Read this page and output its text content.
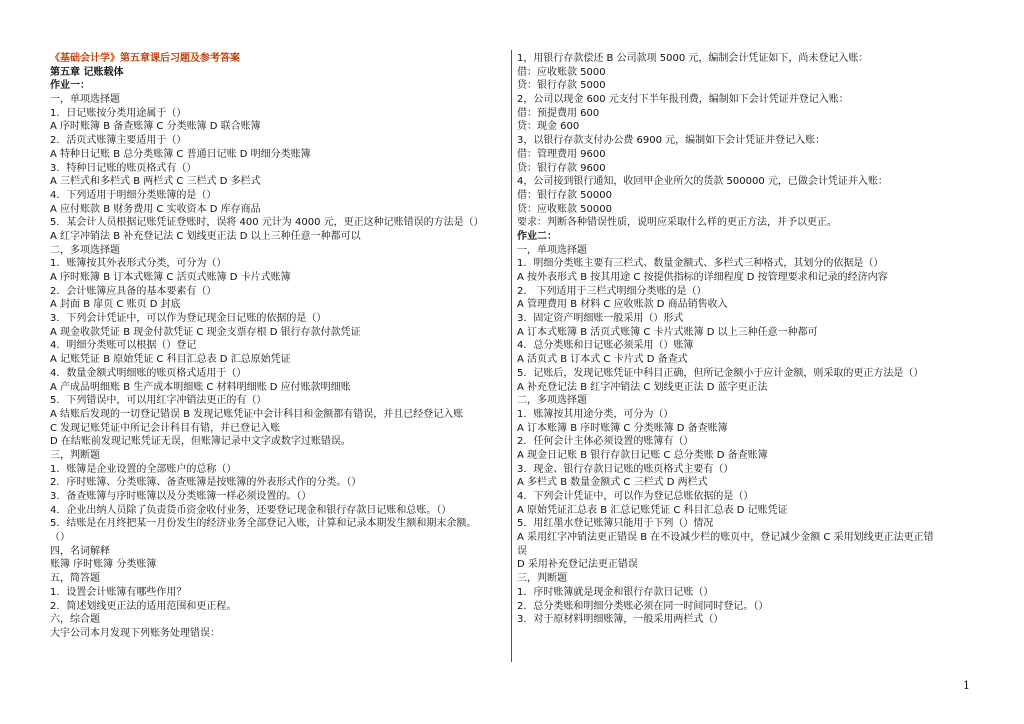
《基础会计学》第五章课后习题及参考答案
第五章 记账载体
作业一：
一，单项选择题
1．日记账按分类用途属于（）
A 序时账簿 B 备查账簿 C 分类账簿 D 联合账簿
2．活页式账簿主要适用于（）
A 特种日记账 B 总分类账簿 C 普通日记账 D 明细分类账簿
3．特种日记账的账页格式有（）
A 三栏式和多栏式 B 两栏式 C 三栏式 D 多栏式
4．下列适用于明细分类账簿的是（）
A 应付账款 B 财务费用 C 实收资本 D 库存商品
5．某会计人员根据记账凭证登账时，误将 400 元计为 4000 元，更正这种记账错误的方法是（）
A 红字冲销法 B 补充登记法 C 划线更正法 D 以上三种任意一种都可以
二，多项选择题
1．账簿按其外表形式分类，可分为（）
A 序时账簿 B 订本式账簿 C 活页式账簿 D 卡片式账簿
2．会计账簿应具备的基本要素有（）
A 封面 B 扉页 C 账页 D 封底
3．下列会计凭证中，可以作为登记现金日记账的依据的是（）
A 现金收款凭证 B 现金付款凭证 C 现金支票存根 D 银行存款付款凭证
4．明细分类账可以根据（）登记
A 记账凭证 B 原始凭证 C 科目汇总表 D 汇总原始凭证
4．数量金额式明细账的账页格式适用于（）
A 产成品明细账 B 生产成本明细账 C 材料明细账 D 应付账款明细账
5．下列错误中，可以用红字冲销法更正的有（）
A 结账后发现的一切登记错误 B 发现记账凭证中会计科目和金额都有错误，并且已经登记入账
C 发现记账凭证中所记会计科目有错，并已登记入账
D 在结账前发现记账凭证无误，但账簿记录中文字或数字过账错误。
三，判断题
1．账簿是企业设置的全部账户的总称（）
2．序时账簿、分类账簿、备查账簿是按账簿的外表形式作的分类。（）
3．备查账簿与序时账簿以及分类账簿一样必须设置的。（）
4．企业出纳人员除了负责货币资金收付业务，还要登记现金和银行存款日记账和总账。（）
5．结账是在月终把某一月份发生的经济业务全部登记入账，计算和记录本期发生额和期末余额。
（）
四，名词解释
账簿 序时账簿 分类账簿
五，简答题
1．设置会计账簿有哪些作用？
2．简述划线更正法的适用范围和更正程。
六，综合题
大宇公司本月发现下列账务处理错误：
1，用银行存款偿还 B 公司款项 5000 元，编制会计凭证如下，尚未登记入账：
借：应收账款 5000
贷：银行存款 5000
2，公司以现金 600 元支付下半年报刊费，编制如下会计凭证并登记入账：
借：预提费用 600
贷：现金 600
3，以银行存款支付办公费 6900 元，编制如下会计凭证并登记入账：
借：管理费用 9600
贷：银行存款 9600
4，公司接到银行通知，收回甲企业所欠的货款 500000 元，已做会计凭证并入账：
借：银行存款 50000
贷：应收账款 50000
要求：判断各种错误性质，说明应采取什么样的更正方法，并予以更正。
作业二：
一，单项选择题
1．明细分类账主要有三栏式、数量金额式、多栏式三种格式，其划分的依据是（）
A 按外表形式 B 按其用途 C 按提供指标的详细程度 D 按管理要求和记录的经济内容
2． 下列适用于三栏式明细分类账的是（）
A 管理费用 B 材料 C 应收账款 D 商品销售收入
3．固定资产明细账一般采用（）形式
A 订本式账簿 B 活页式账簿 C 卡片式账簿 D 以上三种任意一种都可
4．总分类账和日记账必须采用（）账簿
A 活页式 B 订本式 C 卡片式 D 备查式
5．记账后，发现记账凭证中科目正确，但所记金额小于应计金额，则采取的更正方法是（）
A 补充登记法 B 红字冲销法 C 划线更正法 D 蓝字更正法
二，多项选择题
1．账簿按其用途分类，可分为（）
A 订本账簿 B 序时账簿 C 分类账簿 D 备查账簿
2．任何会计主体必须设置的账簿有（）
A 现金日记账 B 银行存款日记账 C 总分类账 D 备查账簿
3．现金、银行存款日记账的账页格式主要有（）
A 多栏式 B 数量金额式 C 三栏式 D 两栏式
4．下列会计凭证中，可以作为登记总账依据的是（）
A 原始凭证汇总表 B 汇总记账凭证 C 科目汇总表 D 记账凭证
5．用红墨水登记账簿只能用于下列（）情况
A 采用红字冲销法更正错误 B 在不设减少栏的账页中，登记减少金额 C 采用划线更正法更正错
误
D 采用补充登记法更正错误
三，判断题
1．序时账簿就是现金和银行存款日记账（）
2．总分类账和明细分类账必须在同一时间同时登记。（）
3．对于原材料明细账簿，一般采用两栏式（）
1
